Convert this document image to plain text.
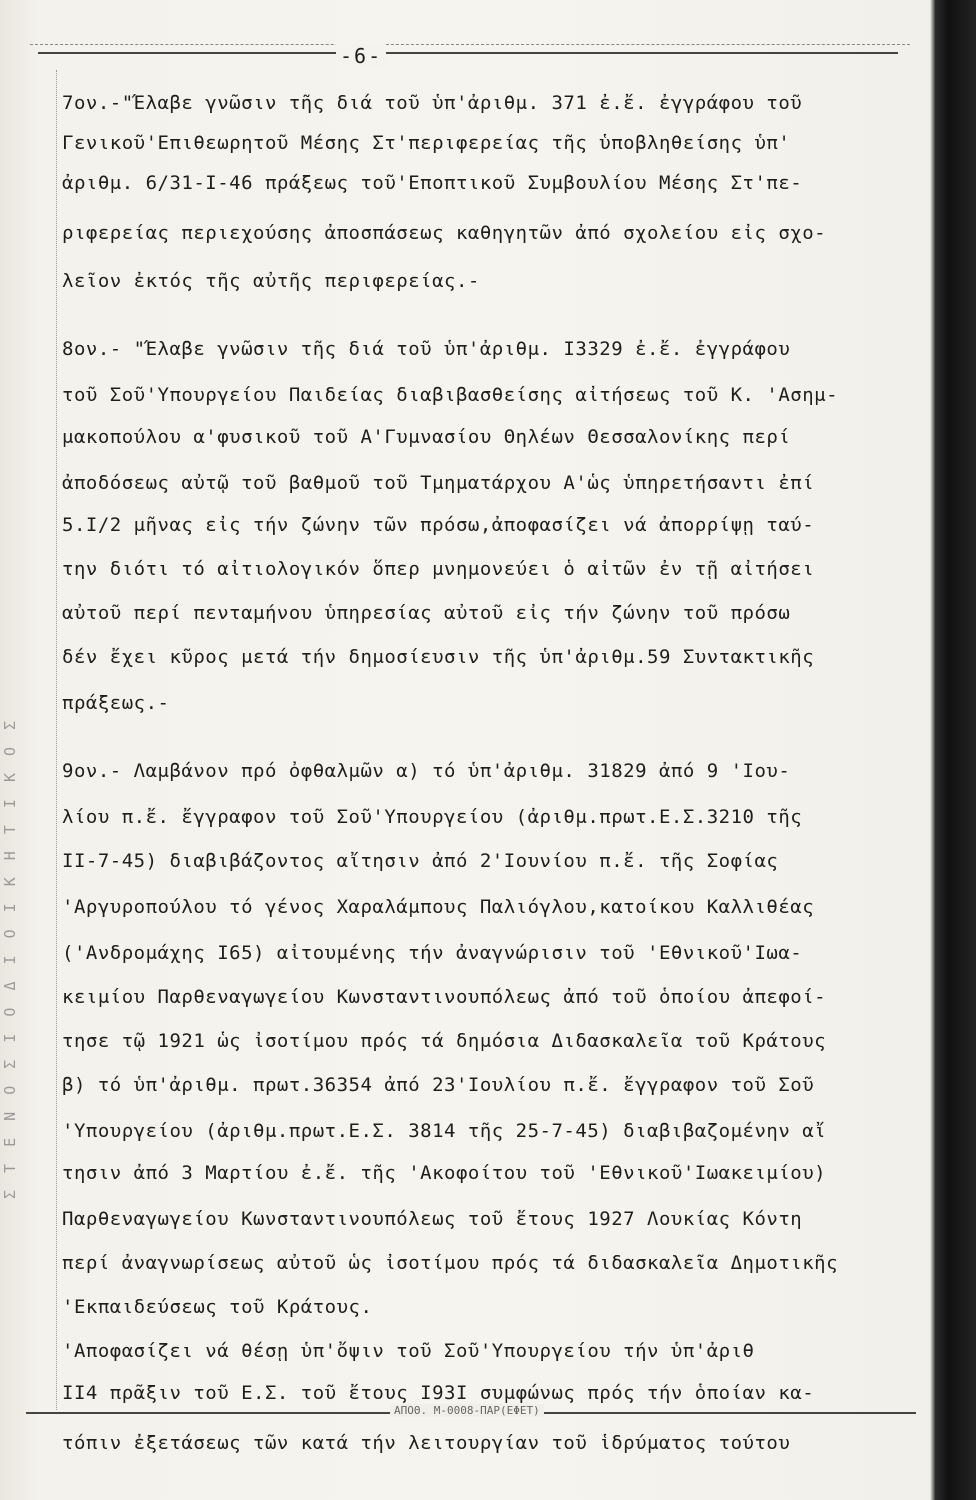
-6-
Σ Τ Ε Ν Ο Σ Ι Ο Δ Ι Ο Ι Κ Η Τ Ι Κ Ο Σ
7ον.-"Έλαβε γνῶσιν τῆς διά τοῦ ὑπ'ἀριθμ. 371 ἐ.ἔ. ἐγγράφου τοῦ
Γενικοῦ'Επιθεωρητοῦ Μέσης Στ'περιφερείας τῆς ὑποβληθείσης ὑπ'
ἀριθμ. 6/31-I-46 πράξεως τοῦ'Εποπτικοῦ Συμβουλίου Μέσης Στ'πε-
ριφερείας περιεχούσης ἀποσπάσεως καθηγητῶν ἀπό σχολείου εἰς σχο-
λεῖον ἐκτός τῆς αὐτῆς περιφερείας.-
8ον.- "Έλαβε γνῶσιν τῆς διά τοῦ ὑπ'ἀριθμ. I3329 ἐ.ἔ. ἐγγράφου
τοῦ Σοῦ'Υπουργείου Παιδείας διαβιβασθείσης αἰτήσεως τοῦ Κ. 'Ασημ-
μακοπούλου α'φυσικοῦ τοῦ Α'Γυμνασίου Θηλέων Θεσσαλονίκης περί
ἀποδόσεως αὐτῷ τοῦ βαθμοῦ τοῦ Τμηματάρχου Α'ὡς ὑπηρετήσαντι ἐπί
5.I/2 μῆνας εἰς τήν ζώνην τῶν πρόσω,ἀποφασίζει νά ἀπορρίψῃ ταύ-
την διότι τό αἰτιολογικόν ὅπερ μνημονεύει ὁ αἰτῶν ἐν τῇ αἰτήσει
αὐτοῦ περί πενταμήνου ὑπηρεσίας αὐτοῦ εἰς τήν ζώνην τοῦ πρόσω
δέν ἔχει κῦρος μετά τήν δημοσίευσιν τῆς ὑπ'ἀριθμ.59 Συντακτικῆς
πράξεως.-
9ον.- Λαμβάνον πρό ὀφθαλμῶν α) τό ὑπ'ἀριθμ. 31829 ἀπό 9 'Ιου-
λίου π.ἔ. ἔγγραφον τοῦ Σοῦ'Υπουργείου (ἀριθμ.πρωτ.Ε.Σ.3210 τῆς
II-7-45) διαβιβάζοντος αἴτησιν ἀπό 2'Ιουνίου π.ἔ. τῆς Σοφίας
'Αργυροπούλου τό γένος Χαραλάμπους Παλιόγλου,κατοίκου Καλλιθέας
('Ανδρομάχης I65) αἰτουμένης τήν ἀναγνώρισιν τοῦ 'Εθνικοῦ'Ιωα-
κειμίου Παρθεναγωγείου Κωνσταντινουπόλεως ἀπό τοῦ ὁποίου ἀπεφοί-
τησε τῷ 1921 ὡς ἰσοτίμου πρός τά δημόσια Διδασκαλεῖα τοῦ Κράτους
β) τό ὑπ'ἀριθμ. πρωτ.36354 ἀπό 23'Ιουλίου π.ἔ. ἔγγραφον τοῦ Σοῦ
'Υπουργείου (ἀριθμ.πρωτ.Ε.Σ. 3814 τῆς 25-7-45) διαβιβαζομένην αἴ
τησιν ἀπό 3 Μαρτίου ἐ.ἔ. τῆς 'Ακοφοίτου τοῦ 'Εθνικοῦ'Ιωακειμίου)
Παρθεναγωγείου Κωνσταντινουπόλεως τοῦ ἔτους 1927 Λουκίας Κόντη
περί ἀναγνωρίσεως αὐτοῦ ὡς ἰσοτίμου πρός τά διδασκαλεῖα Δημοτικῆς
'Εκπαιδεύσεως τοῦ Κράτους.
'Αποφασίζει νά θέσῃ ὑπ'ὄψιν τοῦ Σοῦ'Υπουργείου τήν ὑπ'ἀριθ
II4 πρᾶξιν τοῦ Ε.Σ. τοῦ ἔτους I93I συμφώνως πρός τήν ὁποίαν κα-
ΑΠΟΘ. Μ-0008-ΠΑΡ(ΕΦΕΤ)
τόπιν ἐξετάσεως τῶν κατά τήν λειτουργίαν τοῦ ἱδρύματος τούτου
